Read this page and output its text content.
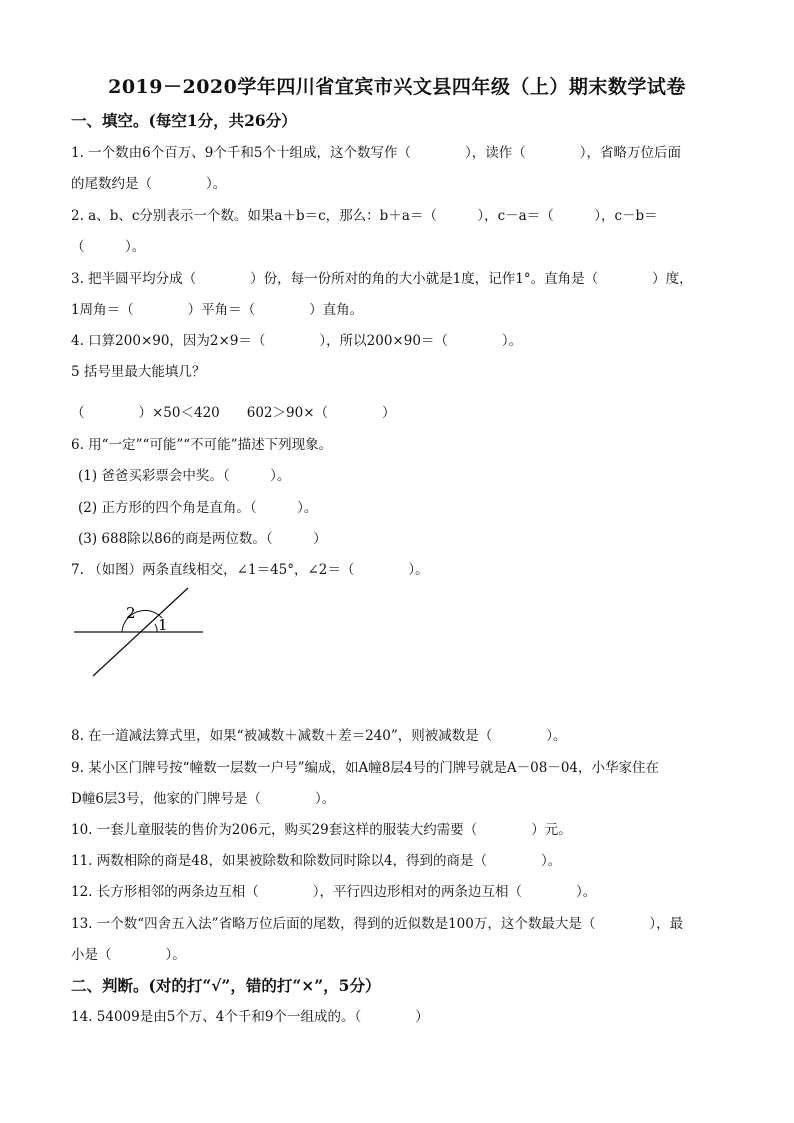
2019－2020学年四川省宜宾市兴文县四年级（上）期末数学试卷
一、填空。(每空1分，共26分）
1. 一个数由6个百万、9个千和5个十组成，这个数写作（　　　　），读作（　　　　），省略万位后面
的尾数约是（　　　　）。
2. a、b、c分别表示一个数。如果a＋b＝c，那么：b＋a＝（　　　），c－a＝（　　　），c－b＝
（　　　）。
3. 把半圆平均分成（　　　　）份，每一份所对的角的大小就是1度，记作1°。直角是（　　　　）度，
1周角＝（　　　　）平角＝（　　　　）直角。
4. 口算200×90，因为2×9＝（　　　　），所以200×90＝（　　　　）。
5 括号里最大能填几？
（　　　　）×50＜420　　602＞90×（　　　　）
6. 用“一定”“可能”“不可能”描述下列现象。
(1) 爸爸买彩票会中奖。（　　　）。
(2) 正方形的四个角是直角。（　　　）。
(3) 688除以86的商是两位数。（　　　）
7. （如图）两条直线相交，∠1＝45°，∠2＝（　　　　）。
2
1
8. 在一道减法算式里，如果“被减数＋减数＋差＝240”，则被减数是（　　　　）。
9. 某小区门牌号按“幢数一层数一户号”编成，如A幢8层4号的门牌号就是A－08－04，小华家住在
D幢6层3号，他家的门牌号是（　　　　）。
10. 一套儿童服装的售价为206元，购买29套这样的服装大约需要（　　　　）元。
11. 两数相除的商是48，如果被除数和除数同时除以4，得到的商是（　　　　）。
12. 长方形相邻的两条边互相（　　　　），平行四边形相对的两条边互相（　　　　）。
13. 一个数“四舍五入法”省略万位后面的尾数，得到的近似数是100万，这个数最大是（　　　　），最
小是（　　　　）。
二、判断。(对的打“√”，错的打“×”，5分）
14. 54009是由5个万、4个千和9个一组成的。（　　　　）
